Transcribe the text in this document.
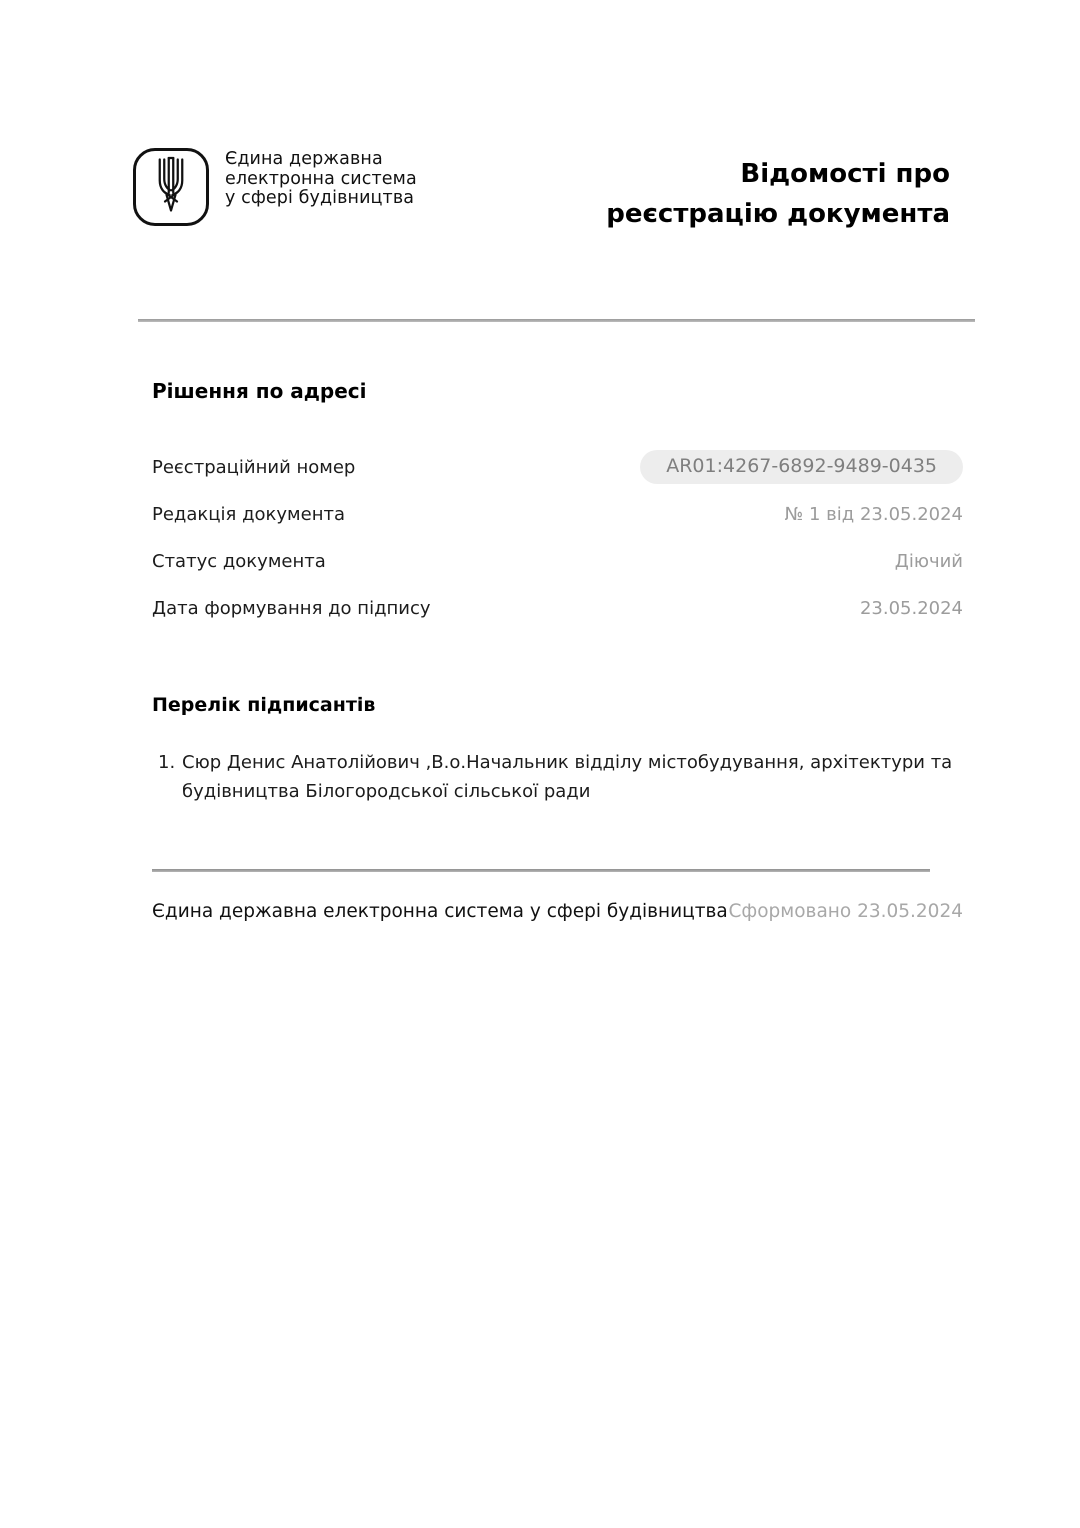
Єдина державна
електронна система
у сфері будівництва
Відомості про
реєстрацію документа
Рішення по адресі
Реєстраційний номер	AR01:4267-6892-9489-0435
Редакція документа	№ 1 від 23.05.2024
Статус документа	Діючий
Дата формування до підпису	23.05.2024
Перелік підписантів
1. Сюр Денис Анатолійович ,В.о.Начальник відділу містобудування, архітектури та будівництва Білогородської сільської ради
Єдина державна електронна система у сфері будівництва Сформовано 23.05.2024
